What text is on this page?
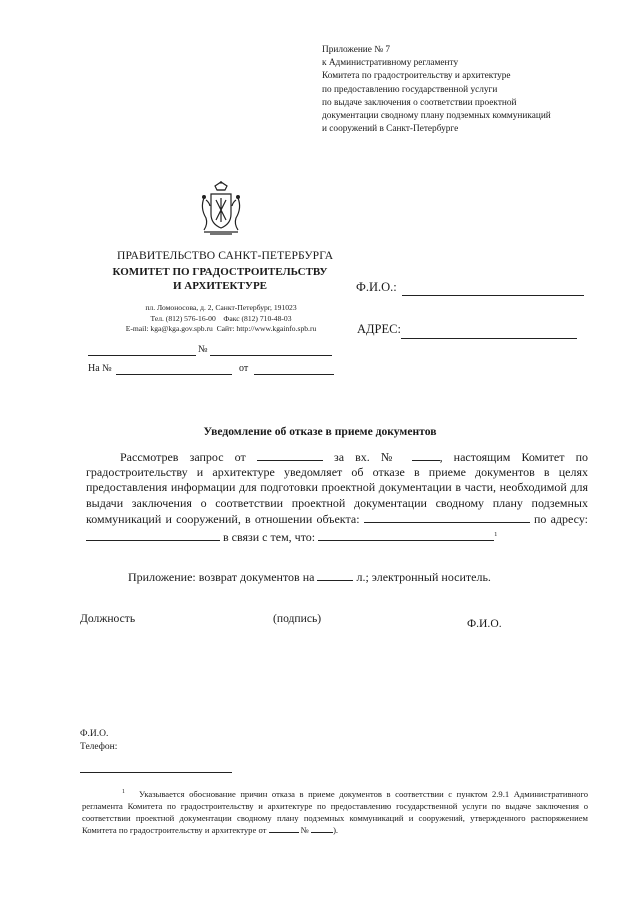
Приложение № 7
к Административному регламенту
Комитета по градостроительству и архитектуре
по предоставлению государственной услуги
по выдаче заключения о соответствии проектной
документации сводному плану подземных коммуникаций
и сооружений в Санкт-Петербурге
ПРАВИТЕЛЬСТВО САНКТ-ПЕТЕРБУРГА
КОМИТЕТ ПО ГРАДОСТРОИТЕЛЬСТВУ
И АРХИТЕКТУРЕ
пл. Ломоносова, д. 2, Санкт-Петербург, 191023
Тел. (812) 576-16-00 Факс (812) 710-48-03
E-mail: kga@kga.gov.spb.ru Сайт: http://www.kgainfo.spb.ru
Ф.И.О.:
АДРЕС:
№
На №	от
Уведомление об отказе в приеме документов
Рассмотрев запрос от	за вх. №	, настоящим Комитет по градостроительству и архитектуре уведомляет об отказе в приеме документов в целях предоставления информации для подготовки проектной документации в части, необходимой для выдачи заключения о соответствии проектной документации сводному плану подземных коммуникаций и сооружений, в отношении объекта:	по адресу:  в связи с тем, что:	$^1$
Приложение: возврат документов на	л.; электронный носитель.
Должность	(подпись)	Ф.И.О.
Ф.И.О.
Телефон:
$^1$ Указывается обоснование причин отказа в приеме документов в соответствии с пунктом 2.9.1 Административного регламента Комитета по градостроительству и архитектуре по предоставлению государственной услуги по выдаче заключения о соответствии проектной документации сводному плану подземных коммуникаций и сооружений, утвержденного распоряжением Комитета по градостроительству и архитектуре от	№	).
